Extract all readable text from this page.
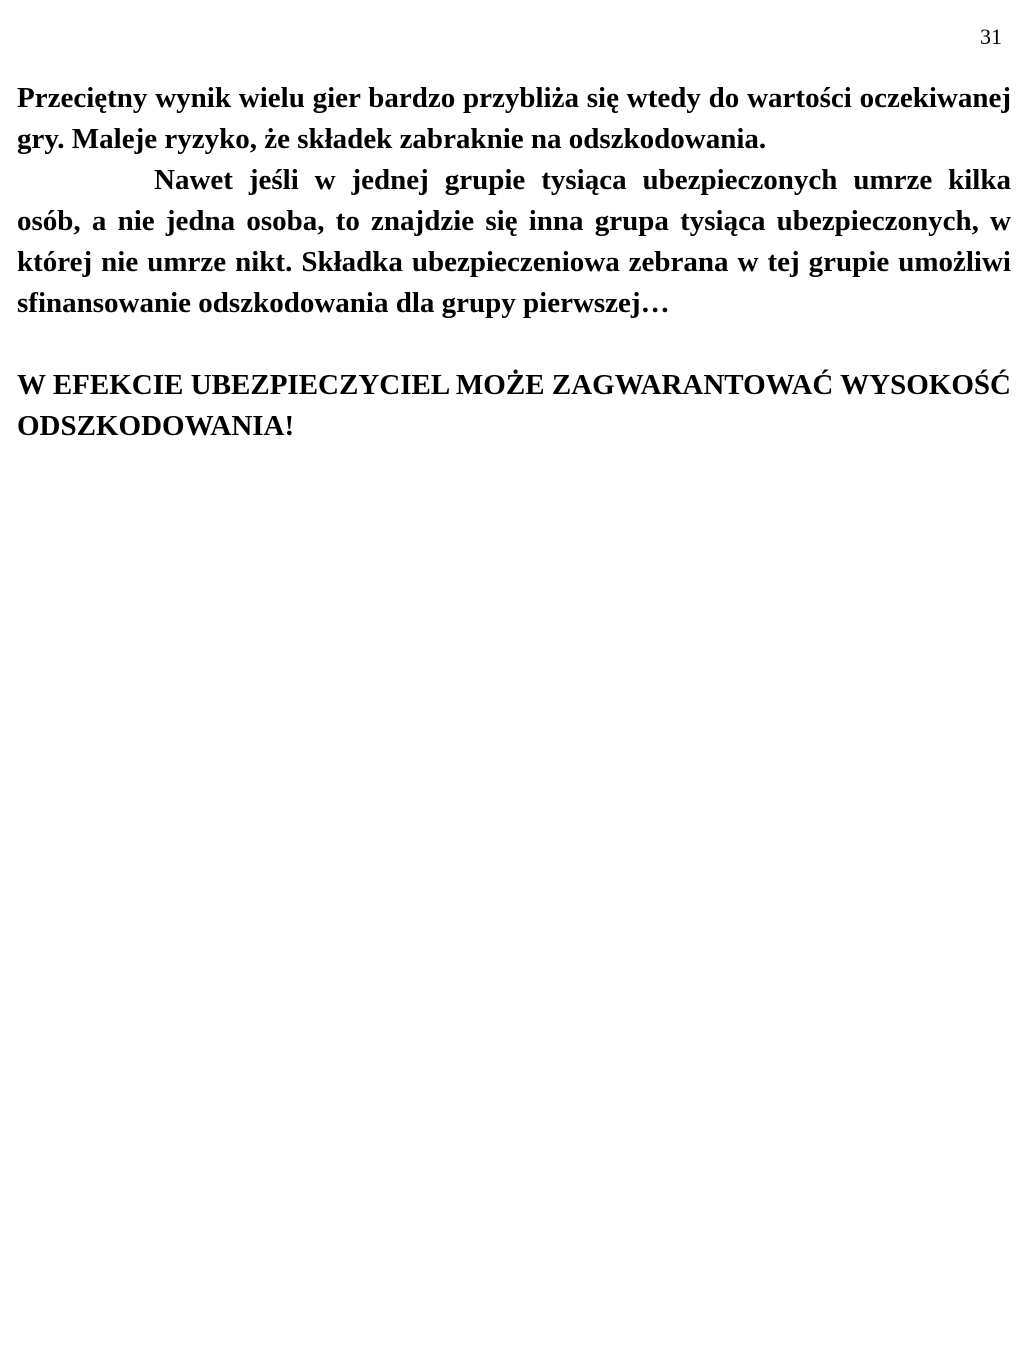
31

Przeciętny wynik wielu gier bardzo przybliża się wtedy do wartości oczekiwanej gry. Maleje ryzyko, że składek zabraknie na odszkodowania.

Nawet jeśli w jednej grupie tysiąca ubezpieczonych umrze kilka osób, a nie jedna osoba, to znajdzie się inna grupa tysiąca ubezpieczonych, w której nie umrze nikt. Składka ubezpieczeniowa zebrana w tej grupie umożliwi sfinansowanie odszkodowania dla grupy pierwszej…

W EFEKCIE UBEZPIECZYCIEL MOŻE ZAGWARANTOWAĆ WYSOKOŚĆ ODSZKODOWANIA!
